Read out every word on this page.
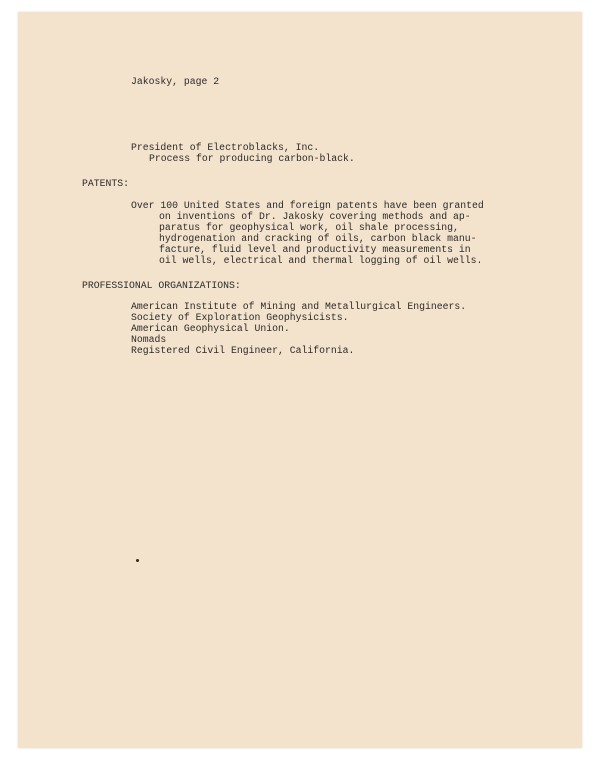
Jakosky, page 2
President of Electroblacks, Inc.
Process for producing carbon-black.
PATENTS:
Over 100 United States and foreign patents have been granted
on inventions of Dr. Jakosky covering methods and ap-
paratus for geophysical work, oil shale processing,
hydrogenation and cracking of oils, carbon black manu-
facture, fluid level and productivity measurements in
oil wells, electrical and thermal logging of oil wells.
PROFESSIONAL ORGANIZATIONS:
American Institute of Mining and Metallurgical Engineers.
Society of Exploration Geophysicists.
American Geophysical Union.
Nomads
Registered Civil Engineer, California.
